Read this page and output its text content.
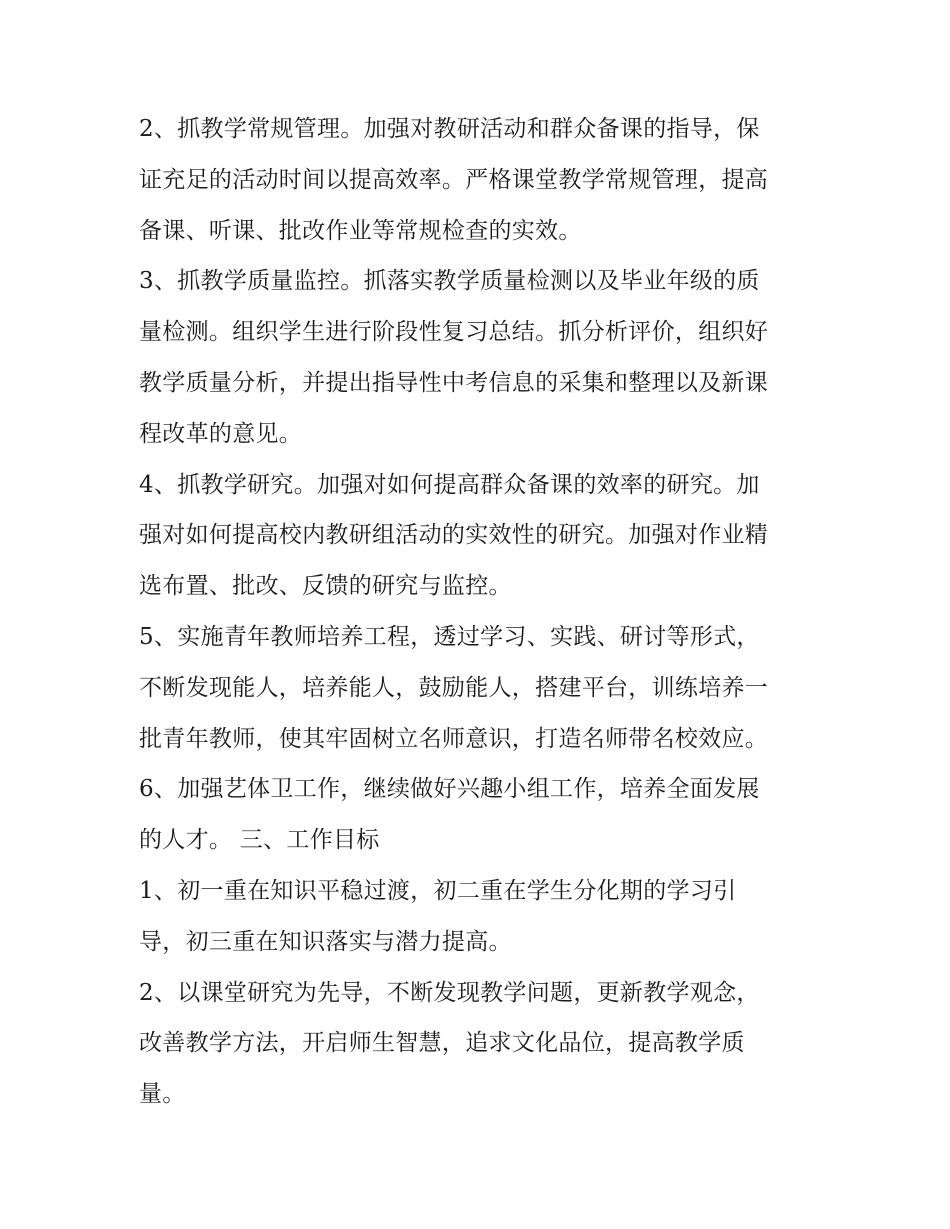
2、抓教学常规管理。加强对教研活动和群众备课的指导，保
证充足的活动时间以提高效率。严格课堂教学常规管理，提高
备课、听课、批改作业等常规检查的实效。
3、抓教学质量监控。抓落实教学质量检测以及毕业年级的质
量检测。组织学生进行阶段性复习总结。抓分析评价，组织好
教学质量分析，并提出指导性中考信息的采集和整理以及新课
程改革的意见。
4、抓教学研究。加强对如何提高群众备课的效率的研究。加
强对如何提高校内教研组活动的实效性的研究。加强对作业精
选布置、批改、反馈的研究与监控。
5、实施青年教师培养工程，透过学习、实践、研讨等形式，
不断发现能人，培养能人，鼓励能人，搭建平台，训练培养一
批青年教师，使其牢固树立名师意识，打造名师带名校效应。
6、加强艺体卫工作，继续做好兴趣小组工作，培养全面发展
的人才。 三、工作目标
1、初一重在知识平稳过渡，初二重在学生分化期的学习引
导，初三重在知识落实与潜力提高。
2、以课堂研究为先导，不断发现教学问题，更新教学观念，
改善教学方法，开启师生智慧，追求文化品位，提高教学质
量。
